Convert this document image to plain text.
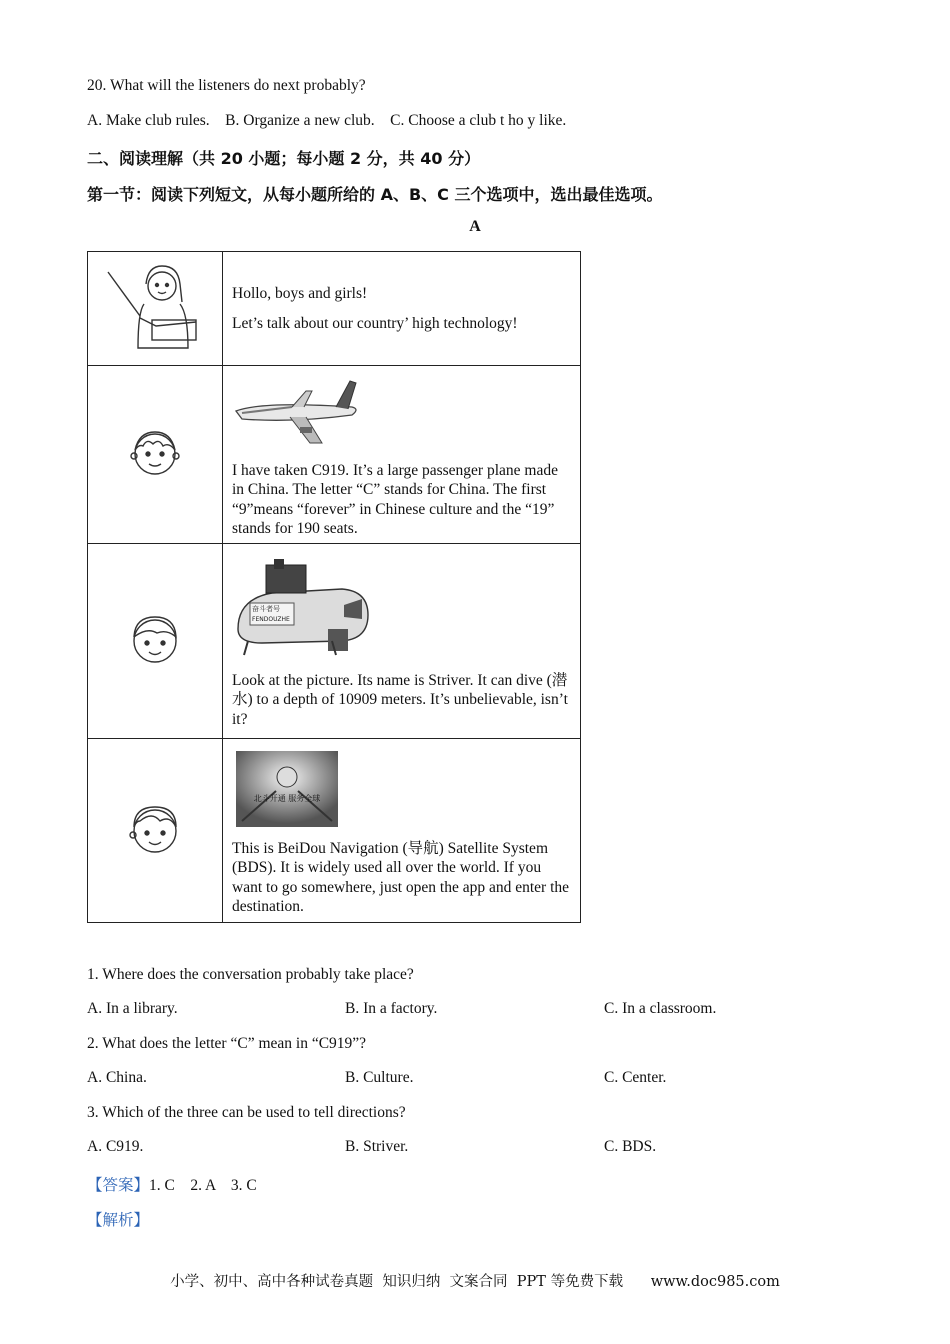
20. What will the listeners do next probably?
A. Make club rules.    B. Organize a new club.    C. Choose a club t ho y like.
二、阅读理解（共 20 小题；每小题 2 分，共 40 分）
第一节：阅读下列短文，从每小题所给的 A、B、C 三个选项中，选出最佳选项。
A

Hollo, boys and girls!

Let’s talk about our country’ high technology!

I have taken C919. It’s a large passenger plane made in China. The letter “C” stands for China. The first “9”means “forever” in Chinese culture and the “19” stands for 190 seats.

奋斗者号
FENDOUZHE

Look at the picture. Its name is Striver. It can dive (潜水) to a depth of 10909 meters. It’s unbelievable, isn’t it?

北斗开通 服务全球

This is BeiDou Navigation (导航) Satellite System (BDS). It is widely used all over the world. If you want to go somewhere, just open the app and enter the destination.

1. Where does the conversation probably take place?
A. In a library.	B. In a factory.	C. In a classroom.
2. What does the letter “C” mean in “C919”?
A. China.	B. Culture.	C. Center.
3. Which of the three can be used to tell directions?
A. C919.	B. Striver.	C. BDS.
【答案】1. C    2. A    3. C
【解析】
小学、初中、高中各种试卷真题  知识归纳  文案合同  PPT 等免费下载      www.doc985.com
